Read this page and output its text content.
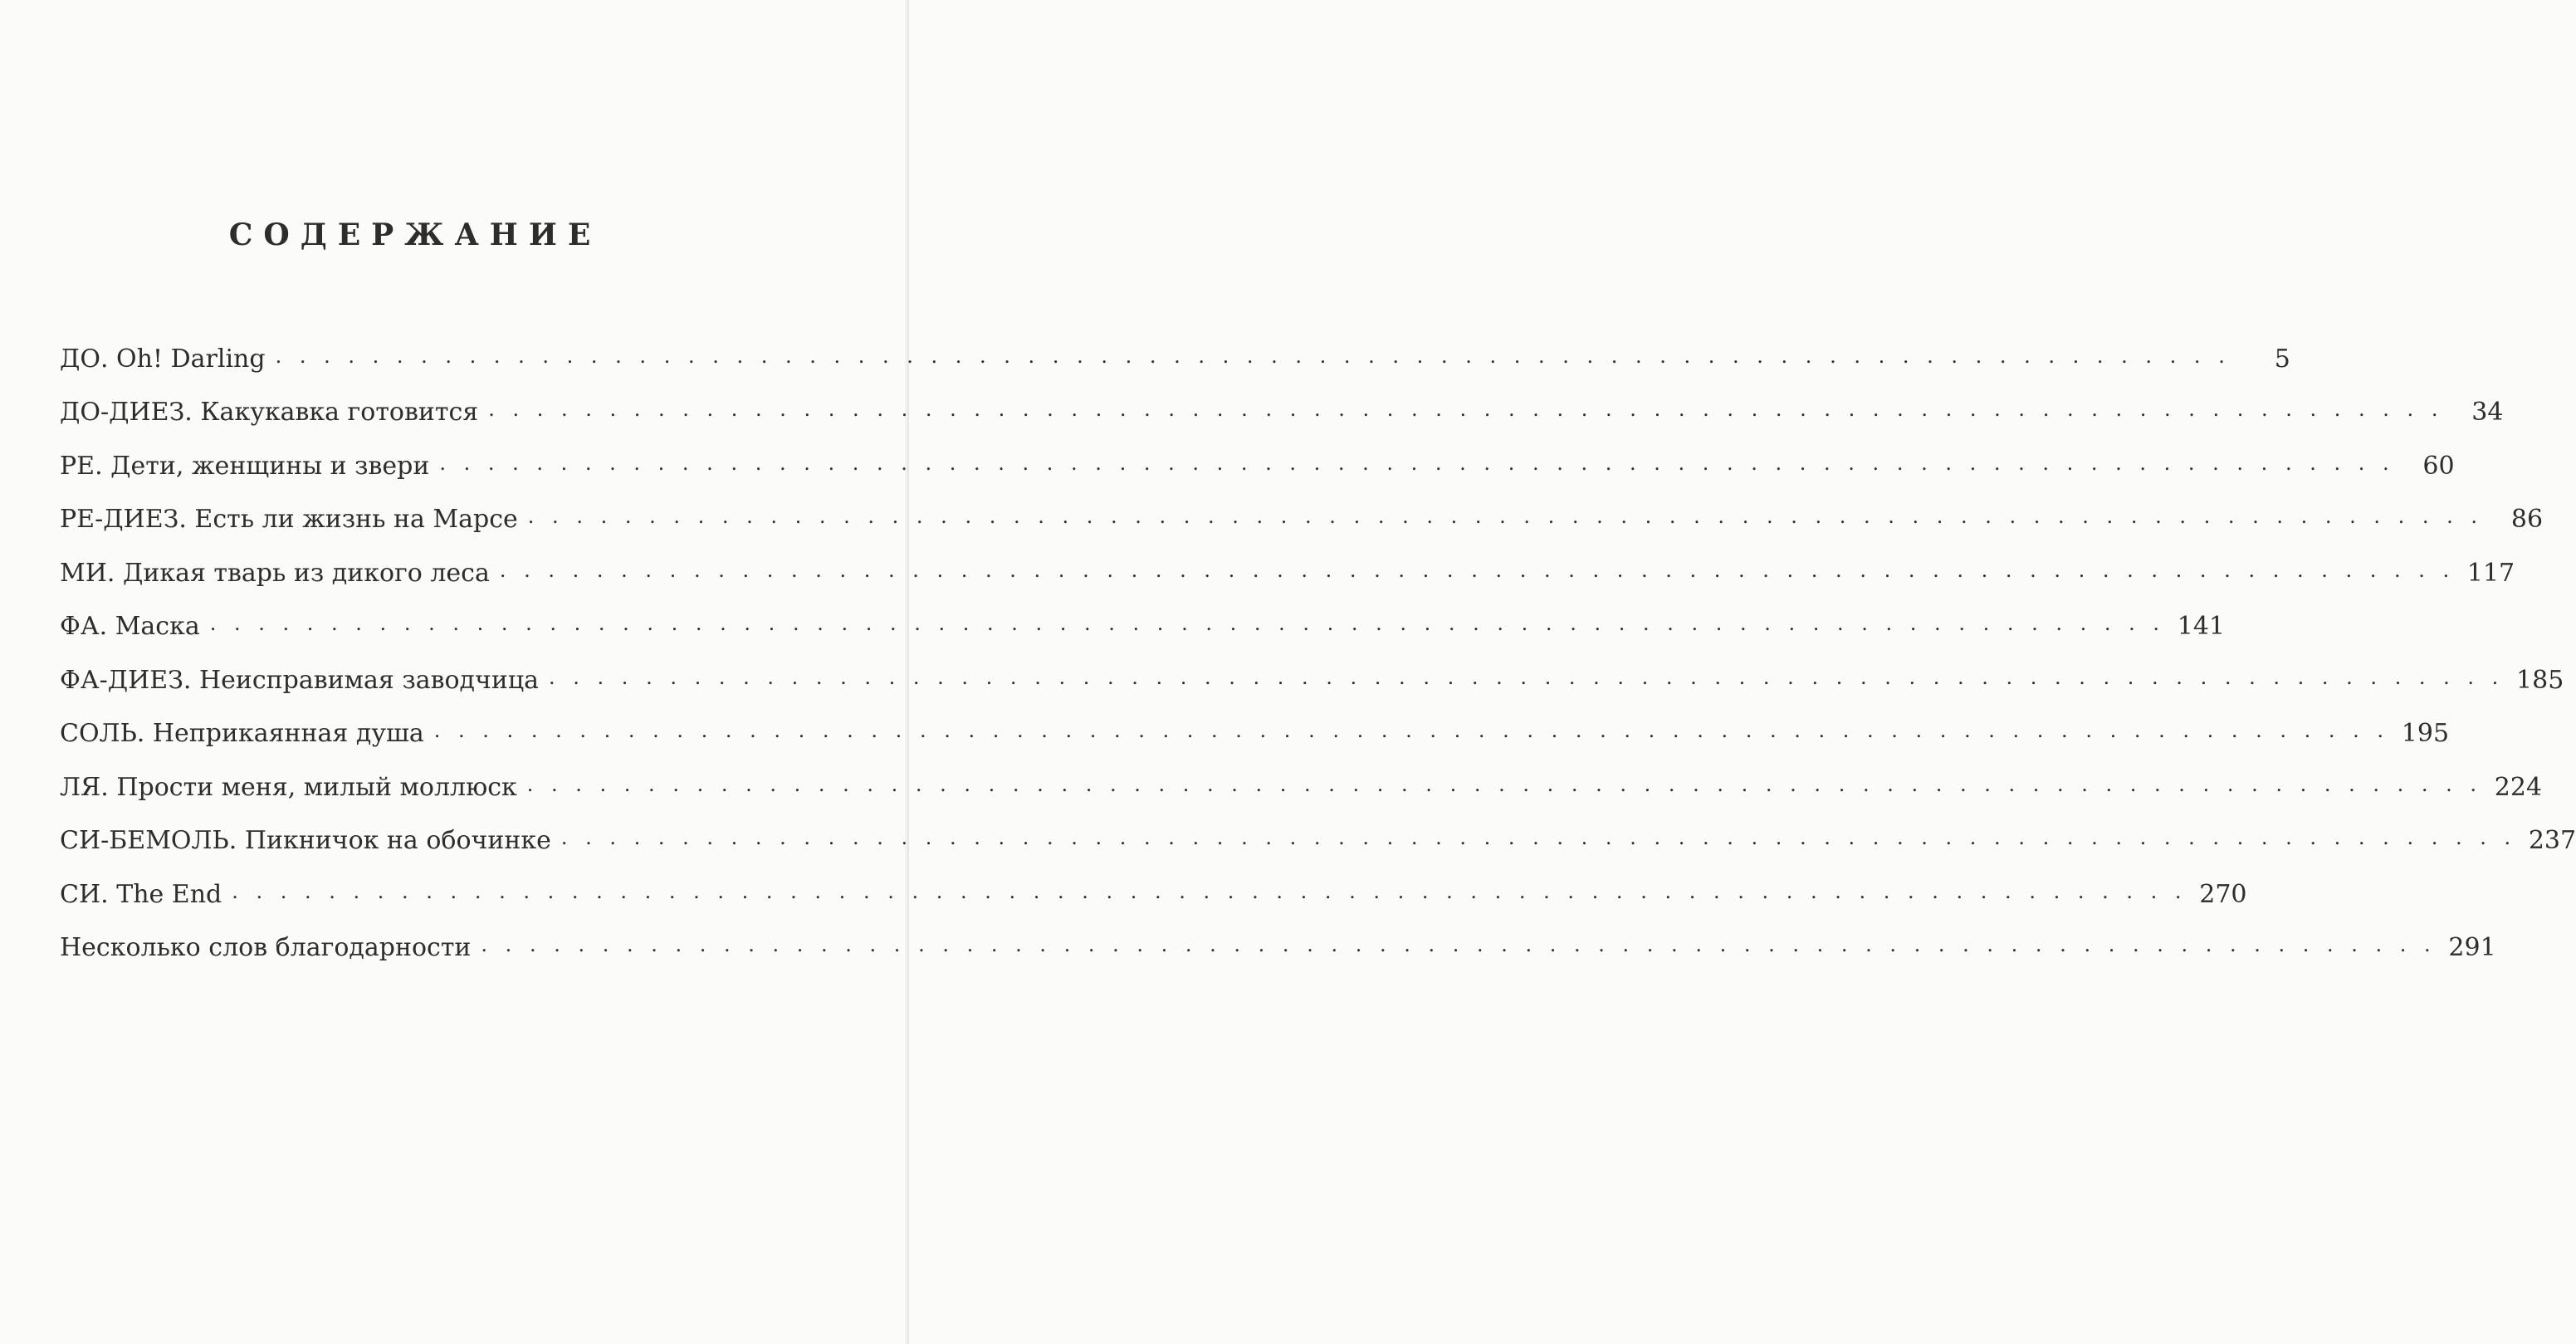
СОДЕРЖАНИЕ
ДО. Oh! Darling . . . . . . . . . . . . . . . . . . . . . . . . . . . . . . . . . . . . . . . . . . . . . . . . . . . . . . . . . . . . . . . . . . . . . . . . . . . . . . . . .	5
ДО-ДИЕЗ. Какукавка готовится . . . . . . . . . . . . . . . . . . . . . . . . . . . . . . . . . . . . . . . . . . . . . . . . . . . . . . . . . . . . . . . . . . . . . . . . . . . . . . . . .	34
РЕ. Дети, женщины и звери . . . . . . . . . . . . . . . . . . . . . . . . . . . . . . . . . . . . . . . . . . . . . . . . . . . . . . . . . . . . . . . . . . . . . . . . . . . . . . . . .	60
РЕ-ДИЕЗ. Есть ли жизнь на Марсе . . . . . . . . . . . . . . . . . . . . . . . . . . . . . . . . . . . . . . . . . . . . . . . . . . . . . . . . . . . . . . . . . . . . . . . . . . . . . . . . .	86
МИ. Дикая тварь из дикого леса . . . . . . . . . . . . . . . . . . . . . . . . . . . . . . . . . . . . . . . . . . . . . . . . . . . . . . . . . . . . . . . . . . . . . . . . . . . . . . . . . 117
ФА. Маска . . . . . . . . . . . . . . . . . . . . . . . . . . . . . . . . . . . . . . . . . . . . . . . . . . . . . . . . . . . . . . . . . . . . . . . . . . . . . . . . . 141
ФА-ДИЕЗ. Неисправимая заводчица . . . . . . . . . . . . . . . . . . . . . . . . . . . . . . . . . . . . . . . . . . . . . . . . . . . . . . . . . . . . . . . . . . . . . . . . . . . . . . . . . 185
СОЛЬ. Неприкаянная душа . . . . . . . . . . . . . . . . . . . . . . . . . . . . . . . . . . . . . . . . . . . . . . . . . . . . . . . . . . . . . . . . . . . . . . . . . . . . . . . . . 195
ЛЯ. Прости меня, милый моллюск . . . . . . . . . . . . . . . . . . . . . . . . . . . . . . . . . . . . . . . . . . . . . . . . . . . . . . . . . . . . . . . . . . . . . . . . . . . . . . . . . 224
СИ-БЕМОЛЬ. Пикничок на обочинке . . . . . . . . . . . . . . . . . . . . . . . . . . . . . . . . . . . . . . . . . . . . . . . . . . . . . . . . . . . . . . . . . . . . . . . . . . . . . . . . . 237
СИ. The End . . . . . . . . . . . . . . . . . . . . . . . . . . . . . . . . . . . . . . . . . . . . . . . . . . . . . . . . . . . . . . . . . . . . . . . . . . . . . . . . . 270
Несколько слов благодарности . . . . . . . . . . . . . . . . . . . . . . . . . . . . . . . . . . . . . . . . . . . . . . . . . . . . . . . . . . . . . . . . . . . . . . . . . . . . . . . . . 291
